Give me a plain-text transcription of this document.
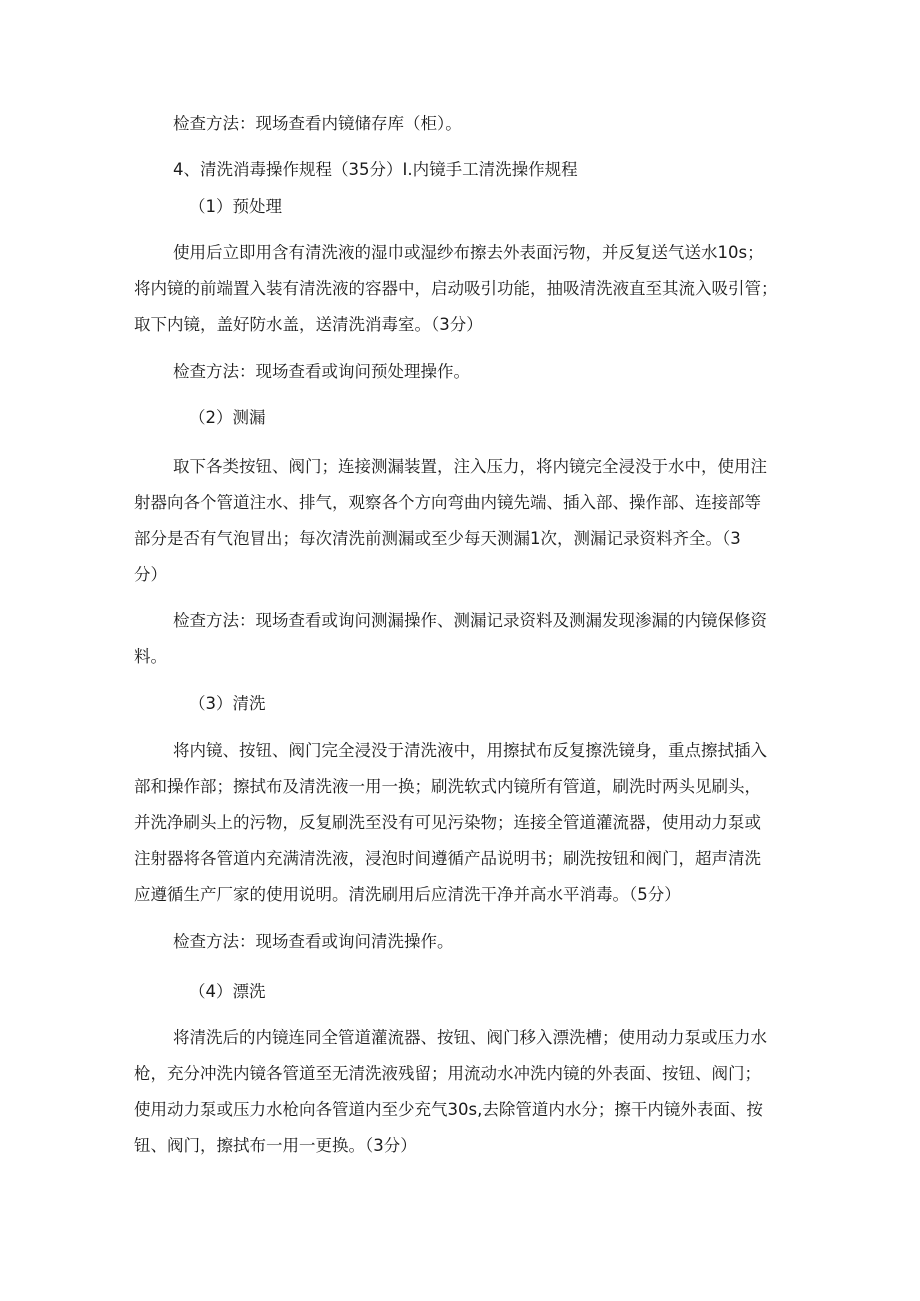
检查方法：现场查看内镜储存库（柜）。
4、清洗消毒操作规程（35分）I.内镜手工清洗操作规程
（1）预处理
使用后立即用含有清洗液的湿巾或湿纱布擦去外表面污物，并反复送气送水10s；
将内镜的前端置入装有清洗液的容器中，启动吸引功能，抽吸清洗液直至其流入吸引管；
取下内镜，盖好防水盖，送清洗消毒室。（3分）
检查方法：现场查看或询问预处理操作。
（2）测漏
取下各类按钮、阀门；连接测漏装置，注入压力，将内镜完全浸没于水中，使用注
射器向各个管道注水、排气，观察各个方向弯曲内镜先端、插入部、操作部、连接部等
部分是否有气泡冒出；每次清洗前测漏或至少每天测漏1次，测漏记录资料齐全。（3
分）
检查方法：现场查看或询问测漏操作、测漏记录资料及测漏发现渗漏的内镜保修资
料。
（3）清洗
将内镜、按钮、阀门完全浸没于清洗液中，用擦拭布反复擦洗镜身，重点擦拭插入
部和操作部；擦拭布及清洗液一用一换；刷洗软式内镜所有管道，刷洗时两头见刷头，
并洗净刷头上的污物，反复刷洗至没有可见污染物；连接全管道灌流器，使用动力泵或
注射器将各管道内充满清洗液，浸泡时间遵循产品说明书；刷洗按钮和阀门，超声清洗
应遵循生产厂家的使用说明。清洗刷用后应清洗干净并高水平消毒。（5分）
检查方法：现场查看或询问清洗操作。
（4）漂洗
将清洗后的内镜连同全管道灌流器、按钮、阀门移入漂洗槽；使用动力泵或压力水
枪，充分冲洗内镜各管道至无清洗液残留；用流动水冲洗内镜的外表面、按钮、阀门；
使用动力泵或压力水枪向各管道内至少充气30s,去除管道内水分；擦干内镜外表面、按
钮、阀门，擦拭布一用一更换。（3分）
